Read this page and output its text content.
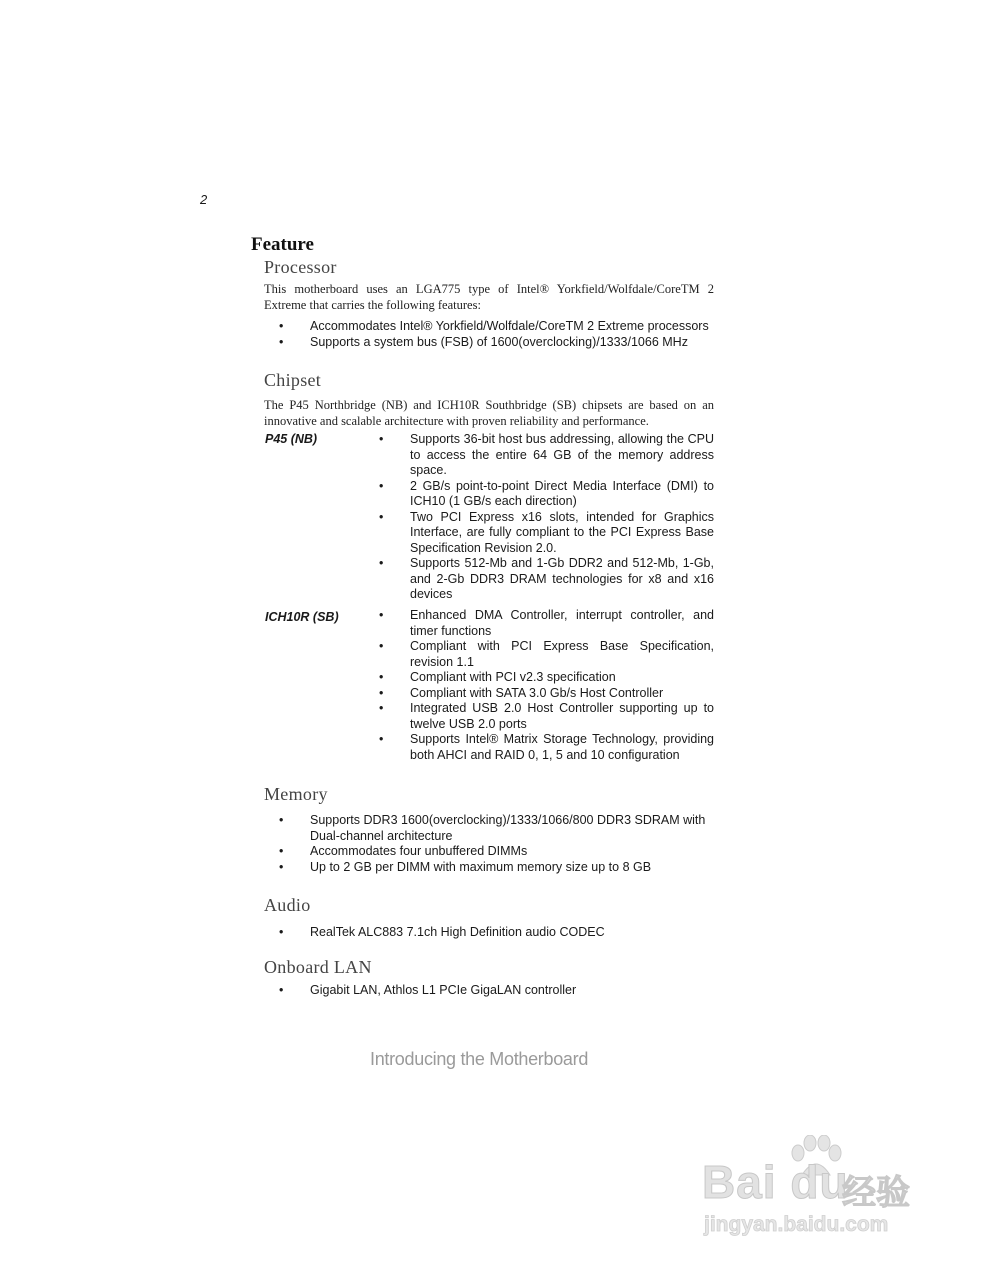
2
Feature
Processor
This motherboard uses an LGA775 type of Intel® Yorkfield/Wolfdale/CoreTM 2 Extreme that carries the following features:
• Accommodates Intel® Yorkfield/Wolfdale/CoreTM 2 Extreme processors
• Supports a system bus (FSB) of 1600(overclocking)/1333/1066 MHz
Chipset
The P45 Northbridge (NB) and ICH10R Southbridge (SB) chipsets are based on an innovative and scalable architecture with proven reliability and performance.
P45 (NB)	• Supports 36-bit host bus addressing, allowing the CPU to access the entire 64 GB of the memory address space.
• 2 GB/s point-to-point Direct Media Interface (DMI) to ICH10 (1 GB/s each direction)
• Two PCI Express x16 slots, intended for Graphics Interface, are fully compliant to the PCI Express Base Specification Revision 2.0.
• Supports 512-Mb and 1-Gb DDR2 and 512-Mb, 1-Gb, and 2-Gb DDR3 DRAM technologies for x8 and x16 devices
ICH10R (SB)	• Enhanced DMA Controller, interrupt controller, and timer functions
• Compliant with PCI Express Base Specification, revision 1.1
• Compliant with PCI v2.3 specification
• Compliant with SATA 3.0 Gb/s Host Controller
• Integrated USB 2.0 Host Controller supporting up to twelve USB 2.0 ports
• Supports Intel® Matrix Storage Technology, providing both AHCI and RAID 0, 1, 5 and 10 configuration
Memory
• Supports DDR3 1600(overclocking)/1333/1066/800 DDR3 SDRAM with Dual-channel architecture
• Accommodates four unbuffered DIMMs
• Up to 2 GB per DIMM with maximum memory size up to 8 GB
Audio
• RealTek ALC883 7.1ch High Definition audio CODEC
Onboard LAN
• Gigabit LAN, Athlos L1 PCIe GigaLAN controller
Introducing the Motherboard
Bai du
经验
jingyan.baidu.com
